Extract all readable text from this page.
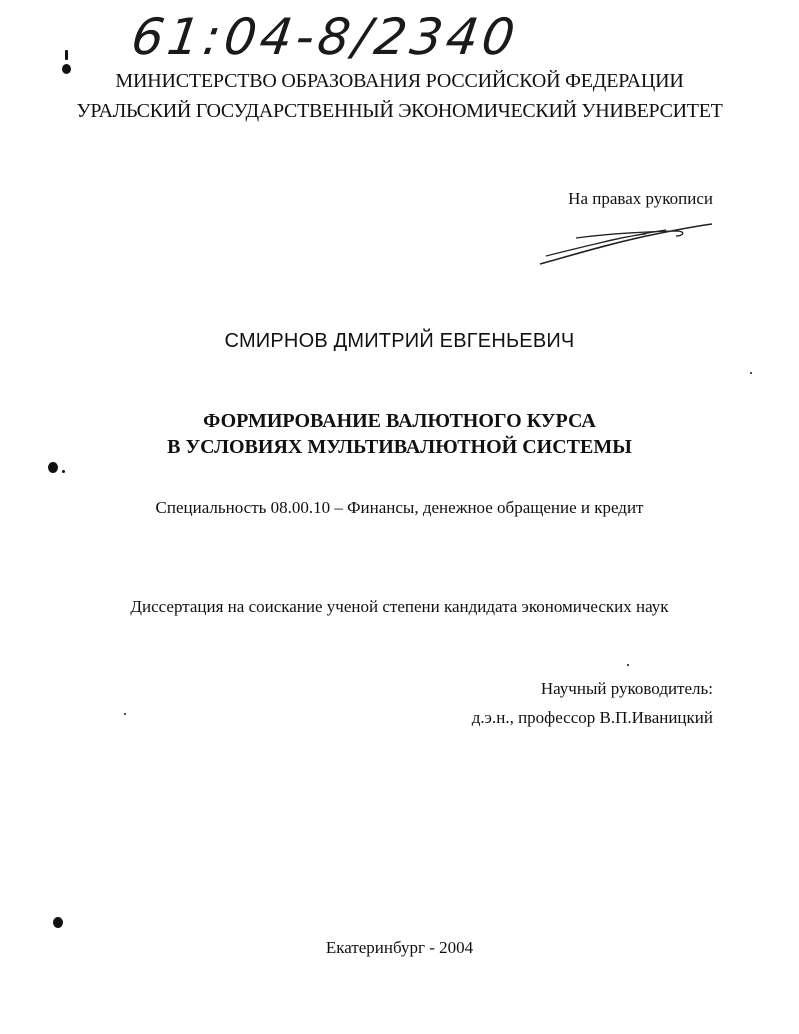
61:04-8/2340
МИНИСТЕРСТВО ОБРАЗОВАНИЯ РОССИЙСКОЙ ФЕДЕРАЦИИ
УРАЛЬСКИЙ ГОСУДАРСТВЕННЫЙ ЭКОНОМИЧЕСКИЙ УНИВЕРСИТЕТ
На правах рукописи
СМИРНОВ ДМИТРИЙ ЕВГЕНЬЕВИЧ
ФОРМИРОВАНИЕ ВАЛЮТНОГО КУРСА
В УСЛОВИЯХ МУЛЬТИВАЛЮТНОЙ СИСТЕМЫ
Специальность 08.00.10 – Финансы, денежное обращение и кредит
Диссертация на соискание ученой степени кандидата экономических наук
Научный руководитель:
д.э.н., профессор В.П.Иваницкий
Екатеринбург - 2004
